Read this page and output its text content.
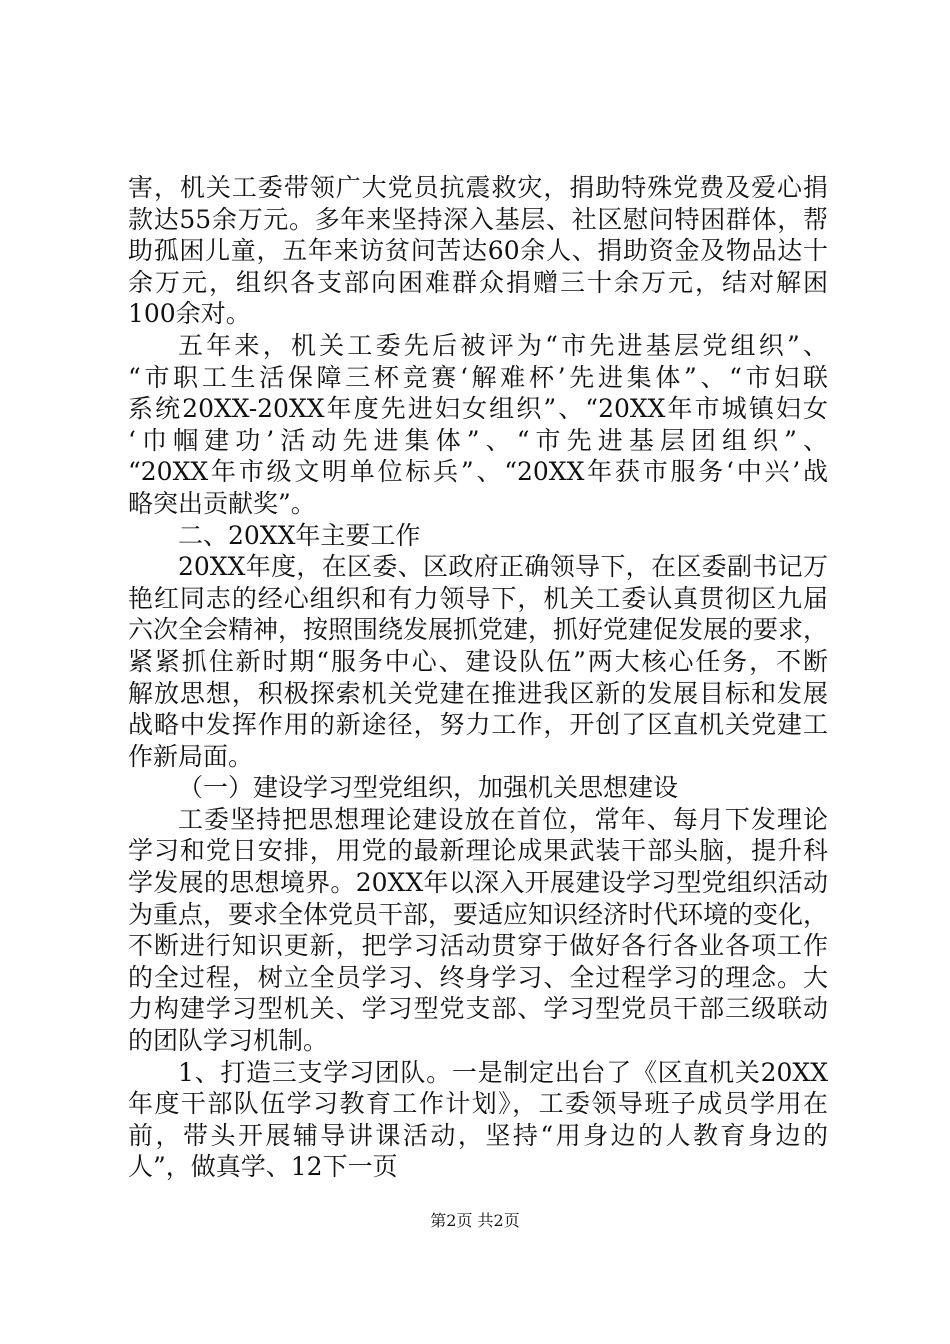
害，机关工委带领广大党员抗震救灾，捐助特殊党费及爱心捐
款达55余万元。多年来坚持深入基层、社区慰问特困群体，帮
助孤困儿童，五年来访贫问苦达60余人、捐助资金及物品达十
余万元，组织各支部向困难群众捐赠三十余万元，结对解困
100余对。
五年来，机关工委先后被评为“市先进基层党组织”、
“市职工生活保障三杯竞赛‘解难杯’先进集体”、“市妇联
系统20XX-20XX年度先进妇女组织”、“20XX年市城镇妇女
‘巾帼建功’活动先进集体”、“市先进基层团组织”、
“20XX年市级文明单位标兵”、“20XX年获市服务‘中兴’战
略突出贡献奖”。
二、20XX年主要工作
20XX年度，在区委、区政府正确领导下，在区委副书记万
艳红同志的经心组织和有力领导下，机关工委认真贯彻区九届
六次全会精神，按照围绕发展抓党建，抓好党建促发展的要求，
紧紧抓住新时期“服务中心、建设队伍”两大核心任务，不断
解放思想，积极探索机关党建在推进我区新的发展目标和发展
战略中发挥作用的新途径，努力工作，开创了区直机关党建工
作新局面。
（一）建设学习型党组织，加强机关思想建设
工委坚持把思想理论建设放在首位，常年、每月下发理论
学习和党日安排，用党的最新理论成果武装干部头脑，提升科
学发展的思想境界。20XX年以深入开展建设学习型党组织活动
为重点，要求全体党员干部，要适应知识经济时代环境的变化，
不断进行知识更新，把学习活动贯穿于做好各行各业各项工作
的全过程，树立全员学习、终身学习、全过程学习的理念。大
力构建学习型机关、学习型党支部、学习型党员干部三级联动
的团队学习机制。
1、打造三支学习团队。一是制定出台了《区直机关20XX
年度干部队伍学习教育工作计划》，工委领导班子成员学用在
前，带头开展辅导讲课活动，坚持“用身边的人教育身边的
人”，做真学、12下一页
第2页 共2页
